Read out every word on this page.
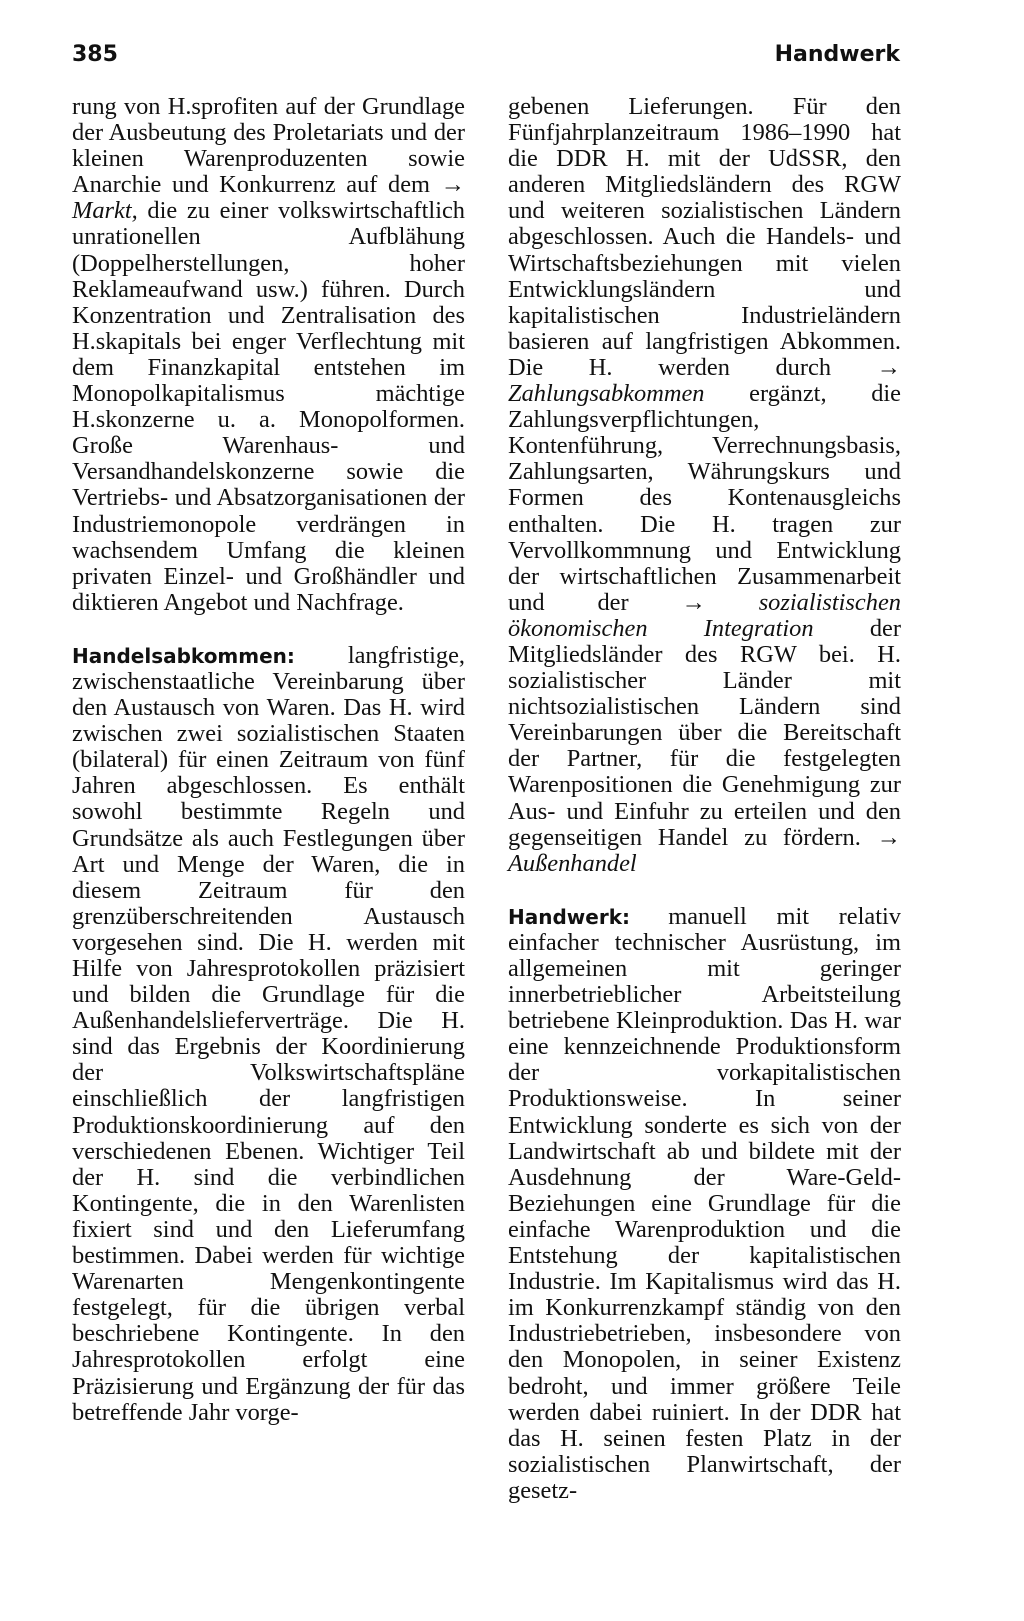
385	Handwerk

rung von H.sprofiten auf der Grundlage der Ausbeutung des Proletariats und der kleinen Warenproduzenten sowie Anarchie und Konkurrenz auf dem → Markt, die zu einer volkswirtschaftlich unrationellen Aufblähung (Doppelherstellungen, hoher Reklameaufwand usw.) führen. Durch Konzentration und Zentralisation des H.skapitals bei enger Verflechtung mit dem Finanzkapital entstehen im Monopolkapitalismus mächtige H.skonzerne u. a. Monopolformen. Große Warenhaus- und Versandhandelskonzerne sowie die Vertriebs- und Absatzorganisationen der Industriemonopole verdrängen in wachsendem Umfang die kleinen privaten Einzel- und Großhändler und diktieren Angebot und Nachfrage.

Handelsabkommen: langfristige, zwischenstaatliche Vereinbarung über den Austausch von Waren. Das H. wird zwischen zwei sozialistischen Staaten (bilateral) für einen Zeitraum von fünf Jahren abgeschlossen. Es enthält sowohl bestimmte Regeln und Grundsätze als auch Festlegungen über Art und Menge der Waren, die in diesem Zeitraum für den grenzüberschreitenden Austausch vorgesehen sind. Die H. werden mit Hilfe von Jahresprotokollen präzisiert und bilden die Grundlage für die Außenhandelslieferverträge. Die H. sind das Ergebnis der Koordinierung der Volkswirtschaftspläne einschließlich der langfristigen Produktionskoordinierung auf den verschiedenen Ebenen. Wichtiger Teil der H. sind die verbindlichen Kontingente, die in den Warenlisten fixiert sind und den Lieferumfang bestimmen. Dabei werden für wichtige Warenarten Mengenkontingente festgelegt, für die übrigen verbal beschriebene Kontingente. In den Jahresprotokollen erfolgt eine Präzisierung und Ergänzung der für das betreffende Jahr vorge-

gebenen Lieferungen. Für den Fünfjahrplanzeitraum 1986–1990 hat die DDR H. mit der UdSSR, den anderen Mitgliedsländern des RGW und weiteren sozialistischen Ländern abgeschlossen. Auch die Handels- und Wirtschaftsbeziehungen mit vielen Entwicklungsländern und kapitalistischen Industrieländern basieren auf langfristigen Abkommen. Die H. werden durch → Zahlungsabkommen ergänzt, die Zahlungsverpflichtungen, Kontenführung, Verrechnungsbasis, Zahlungsarten, Währungskurs und Formen des Kontenausgleichs enthalten. Die H. tragen zur Vervollkommnung und Entwicklung der wirtschaftlichen Zusammenarbeit und der → sozialistischen ökonomischen Integration der Mitgliedsländer des RGW bei. H. sozialistischer Länder mit nichtsozialistischen Ländern sind Vereinbarungen über die Bereitschaft der Partner, für die festgelegten Warenpositionen die Genehmigung zur Aus- und Einfuhr zu erteilen und den gegenseitigen Handel zu fördern. → Außenhandel

Handwerk: manuell mit relativ einfacher technischer Ausrüstung, im allgemeinen mit geringer innerbetrieblicher Arbeitsteilung betriebene Kleinproduktion. Das H. war eine kennzeichnende Produktionsform der vorkapitalistischen Produktionsweise. In seiner Entwicklung sonderte es sich von der Landwirtschaft ab und bildete mit der Ausdehnung der Ware-Geld-Beziehungen eine Grundlage für die einfache Warenproduktion und die Entstehung der kapitalistischen Industrie. Im Kapitalismus wird das H. im Konkurrenzkampf ständig von den Industriebetrieben, insbesondere von den Monopolen, in seiner Existenz bedroht, und immer größere Teile werden dabei ruiniert. In der DDR hat das H. seinen festen Platz in der sozialistischen Planwirtschaft, der gesetz-
